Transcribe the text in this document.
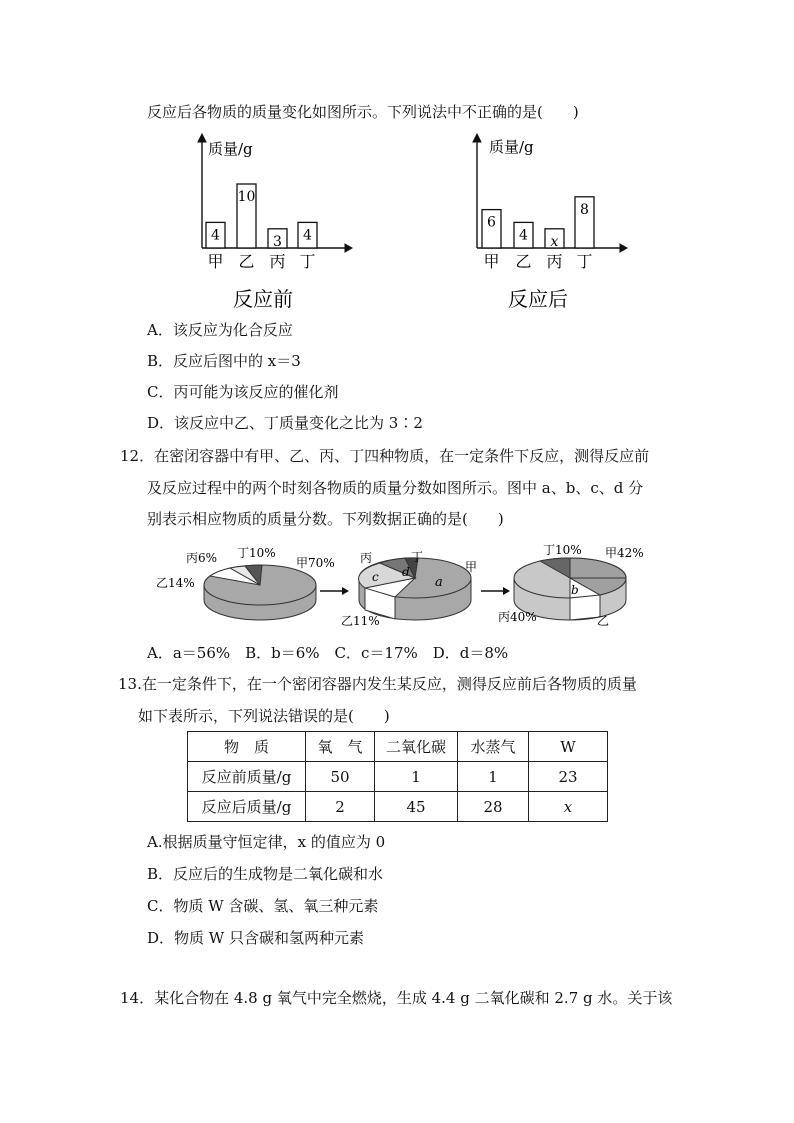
反应后各物质的质量变化如图所示。下列说法中不正确的是(　　)
质量/g
4
甲
10
乙
3
丙
4
丁
质量/g
6
甲
4
乙
x
丙
8
丁
反应前	反应后
丙6% 丁10%
甲70%
乙14%
丙	丁
甲
乙11%
c d
a
丁10% 甲42%
丙40%	乙
b
A．该反应为化合反应
B．反应后图中的 x＝3
C．丙可能为该反应的催化剂
D．该反应中乙、丁质量变化之比为 3∶2
12．在密闭容器中有甲、乙、丙、丁四种物质，在一定条件下反应，测得反应前
及反应过程中的两个时刻各物质的质量分数如图所示。图中 a、b、c、d 分
别表示相应物质的质量分数。下列数据正确的是(　　)
A．a＝56%　B．b＝6%　C．c＝17%　D．d＝8%
13.在一定条件下，在一个密闭容器内发生某反应，测得反应前后各物质的质量
如下表所示，下列说法错误的是(　　)
物　质	氧　气	二氧化碳	水蒸气	W
反应前质量/g	50	1	1	23
反应后质量/g	2	45	28	x
A.根据质量守恒定律，x 的值应为 0
B．反应后的生成物是二氧化碳和水
C．物质 W 含碳、氢、氧三种元素
D．物质 W 只含碳和氢两种元素
14．某化合物在 4.8 g 氧气中完全燃烧，生成 4.4 g 二氧化碳和 2.7 g 水。关于该
